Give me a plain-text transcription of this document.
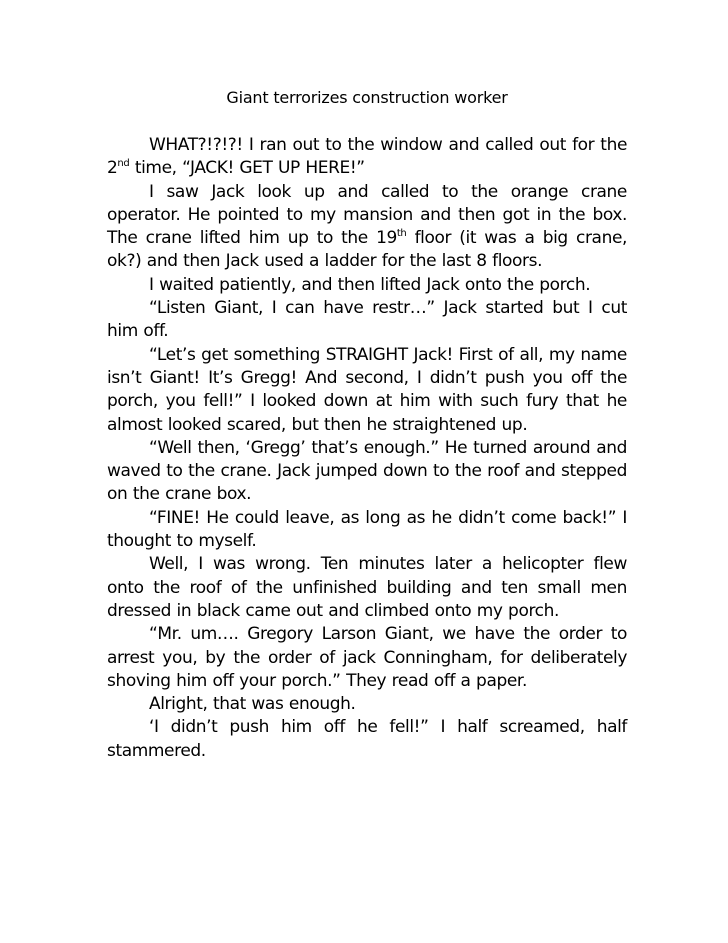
Giant terrorizes construction worker

WHAT?!?!?! I ran out to the window and called out for the 2nd time, “JACK! GET UP HERE!”

I saw Jack look up and called to the orange crane operator. He pointed to my mansion and then got in the box. The crane lifted him up to the 19th floor (it was a big crane, ok?) and then Jack used a ladder for the last 8 floors.

I waited patiently, and then lifted Jack onto the porch.

“Listen Giant, I can have restr…” Jack started but I cut him off.

“Let’s get something STRAIGHT Jack! First of all, my name isn’t Giant! It’s Gregg! And second, I didn’t push you off the porch, you fell!” I looked down at him with such fury that he almost looked scared, but then he straightened up.

“Well then, ‘Gregg’ that’s enough.” He turned around and waved to the crane. Jack jumped down to the roof and stepped on the crane box.

“FINE! He could leave, as long as he didn’t come back!” I thought to myself.

Well, I was wrong. Ten minutes later a helicopter flew onto the roof of the unfinished building and ten small men dressed in black came out and climbed onto my porch.

“Mr. um…. Gregory Larson Giant, we have the order to arrest you, by the order of jack Conningham, for deliberately shoving him off your porch.” They read off a paper.

Alright, that was enough.

‘I didn’t push him off he fell!” I half screamed, half stammered.
